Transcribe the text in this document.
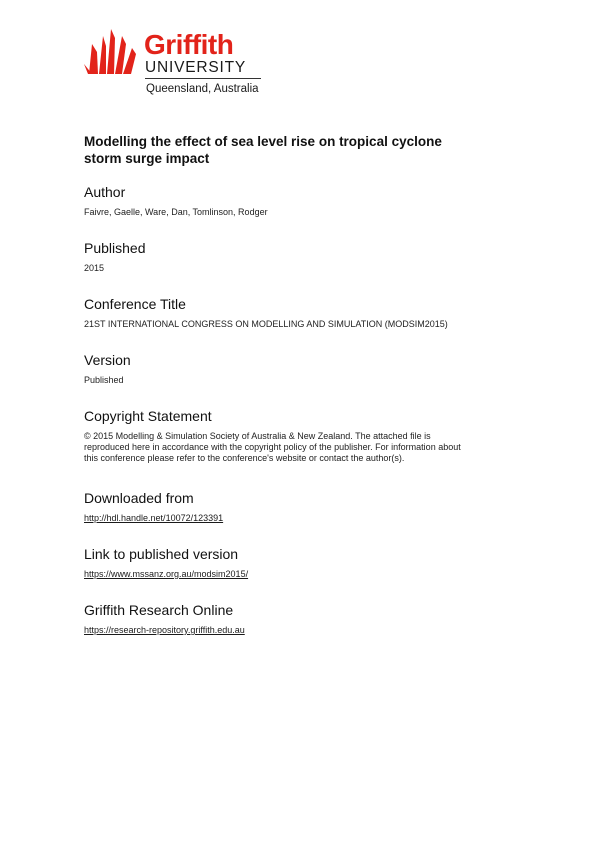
Griffith
UNIVERSITY
Queensland, Australia
Modelling the effect of sea level rise on tropical cyclone
storm surge impact
Author

Faivre, Gaelle, Ware, Dan, Tomlinson, Rodger

Published

2015

Conference Title

21ST INTERNATIONAL CONGRESS ON MODELLING AND SIMULATION (MODSIM2015)

Version

Published

Copyright Statement

© 2015 Modelling & Simulation Society of Australia & New Zealand. The attached file is
reproduced here in accordance with the copyright policy of the publisher. For information about
this conference please refer to the conference's website or contact the author(s).

Downloaded from

http://hdl.handle.net/10072/123391

Link to published version

https://www.mssanz.org.au/modsim2015/

Griffith Research Online

https://research-repository.griffith.edu.au
